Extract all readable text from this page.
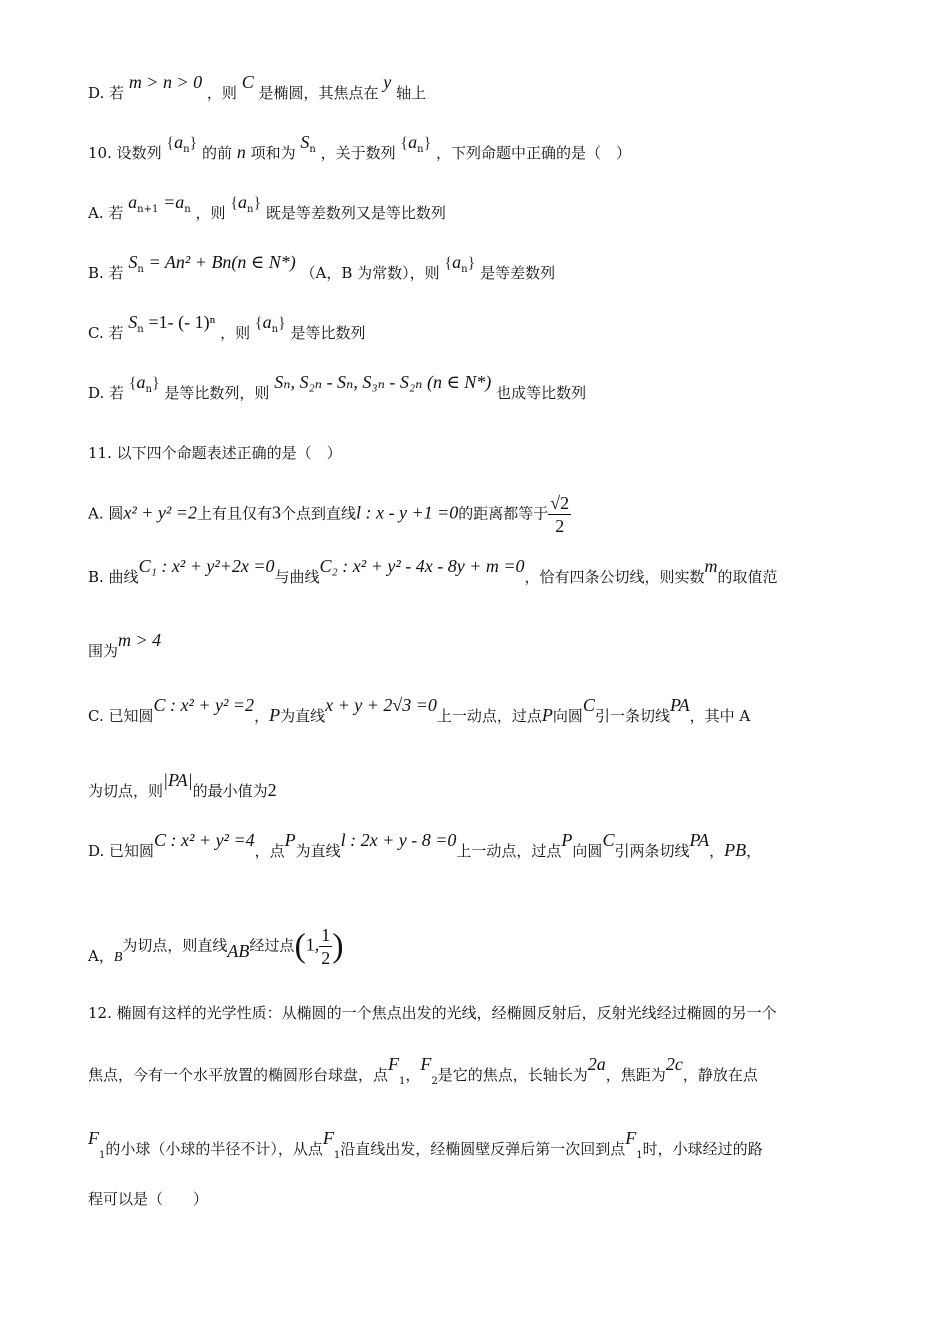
D. 若 m > n > 0 ，则 C 是椭圆，其焦点在 y 轴上
10. 设数列 $\{a_n\}$ 的前 n 项和为 $S_n$ ，关于数列 $\{a_n\}$ ，下列命题中正确的是（　）
A. 若 $a_{n+1} =a_n$ ，则 $\{a_n\}$ 既是等差数列又是等比数列
B. 若 $S_n = An^2 + Bn(n$ ∈ N*) （A，B 为常数），则 $\{a_n\}$ 是等差数列
C. 若 $S_n =1-$ (- 1)ⁿ ，则 $\{a_n\}$ 是等比数列
D. 若 $\{a_n\}$ 是等比数列，则 Sₙ, S₂ₙ - Sₙ, S₃ₙ - S₂ₙ (n ∈ N*) 也成等比数列
11. 以下四个命题表述正确的是（　）
A. 圆x² + y² =2上有且仅有3个点到直线l : x - y +1 =0的距离都等于 $\frac{√2}{2}$
B. 曲线C₁ : x² + y²+2x =0与曲线C₂ : x² + y² - 4x - 8y + m =0，恰有四条公切线，则实数m的取值范
围为m > 4
C. 已知圆C : x² + y² =2，P为直线x + y + 2√3 =0上一动点，过点P向圆C引一条切线PA，其中 A
为切点，则|PA|的最小值为2
D. 已知圆C : x² + y² =4，点P为直线l : 2x + y - 8 =0上一动点，过点P向圆C引两条切线PA，PB，
A，B为切点，则直线AB经过点(1, $\frac{1}{2}$ )
12. 椭圆有这样的光学性质：从椭圆的一个焦点出发的光线，经椭圆反射后，反射光线经过椭圆的另一个
焦点，今有一个水平放置的椭圆形台球盘，点$F_1$，$F_2$是它的焦点，长轴长为2a，焦距为2c，静放在点
$F_1$的小球（小球的半径不计），从点$F_1$沿直线出发，经椭圆壁反弹后第一次回到点$F_1$时，小球经过的路
程可以是（　　）
